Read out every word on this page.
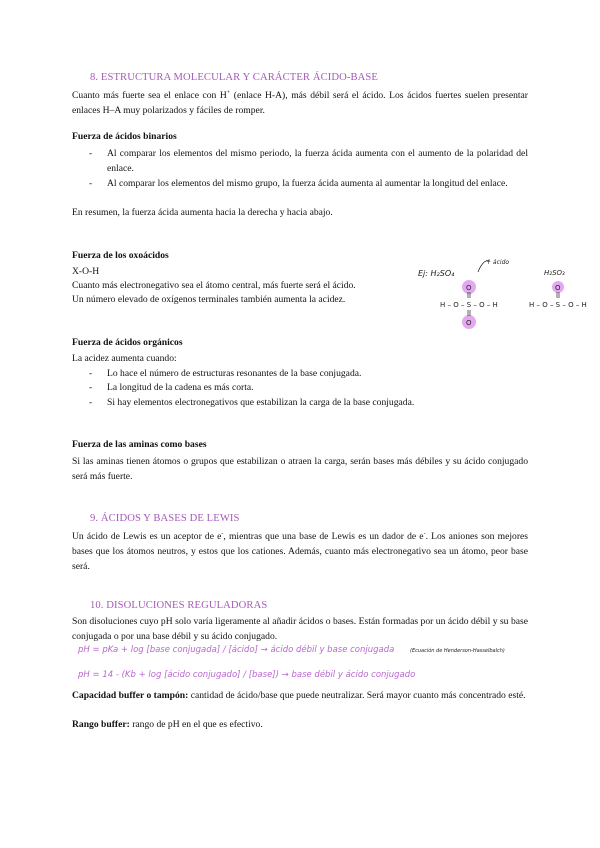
8. ESTRUCTURA MOLECULAR Y CARÁCTER ÁCIDO-BASE
Cuanto más fuerte sea el enlace con H+ (enlace H-A), más débil será el ácido. Los ácidos fuertes suelen presentar enlaces H–A muy polarizados y fáciles de romper.
Fuerza de ácidos binarios
- Al comparar los elementos del mismo periodo, la fuerza ácida aumenta con el aumento de la polaridad del enlace.
- Al comparar los elementos del mismo grupo, la fuerza ácida aumenta al aumentar la longitud del enlace.
En resumen, la fuerza ácida aumenta hacia la derecha y hacia abajo.
Fuerza de los oxoácidos
X-O-H
Cuanto más electronegativo sea el átomo central, más fuerte será el ácido.
Un número elevado de oxígenos terminales también aumenta la acidez.
Ej: H₂SO₄
+ ácido
H₂SO₃
O
O
O
H – O – S – O – H	H – O – S – O – H
Fuerza de ácidos orgánicos
La acidez aumenta cuando:
- Lo hace el número de estructuras resonantes de la base conjugada.
- La longitud de la cadena es más corta.
- Si hay elementos electronegativos que estabilizan la carga de la base conjugada.
Fuerza de las aminas como bases
Si las aminas tienen átomos o grupos que estabilizan o atraen la carga, serán bases más débiles y su ácido conjugado será más fuerte.
9. ÁCIDOS Y BASES DE LEWIS
Un ácido de Lewis es un aceptor de e-, mientras que una base de Lewis es un dador de e-. Los aniones son mejores bases que los átomos neutros, y estos que los cationes. Además, cuanto más electronegativo sea un átomo, peor base será.
10. DISOLUCIONES REGULADORAS
Son disoluciones cuyo pH solo varía ligeramente al añadir ácidos o bases. Están formadas por un ácido débil y su base conjugada o por una base débil y su ácido conjugado.
pH = pKa + log [base conjugada] / [ácido] → ácido débil y base conjugada	(Ecuación de Henderson-Hasselbalch)
pH = 14 - (Kb + log [ácido conjugado] / [base]) → base débil y ácido conjugado
Capacidad buffer o tampón: cantidad de ácido/base que puede neutralizar. Será mayor cuanto más concentrado esté.
Rango buffer: rango de pH en el que es efectivo.
